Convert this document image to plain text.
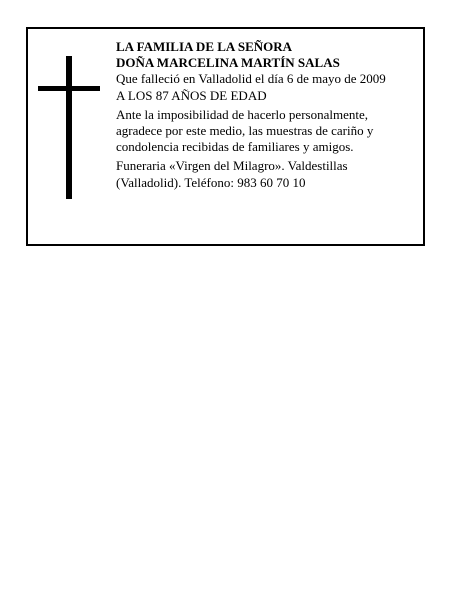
LA FAMILIA DE LA SEÑORA
DOÑA MARCELINA MARTÍN SALAS
Que falleció en Valladolid el día 6 de mayo de 2009
A LOS 87 AÑOS DE EDAD
Ante la imposibilidad de hacerlo personalmente,
agradece por este medio, las muestras de cariño y
condolencia recibidas de familiares y amigos.
Funeraria «Virgen del Milagro». Valdestillas
(Valladolid). Teléfono: 983 60 70 10
